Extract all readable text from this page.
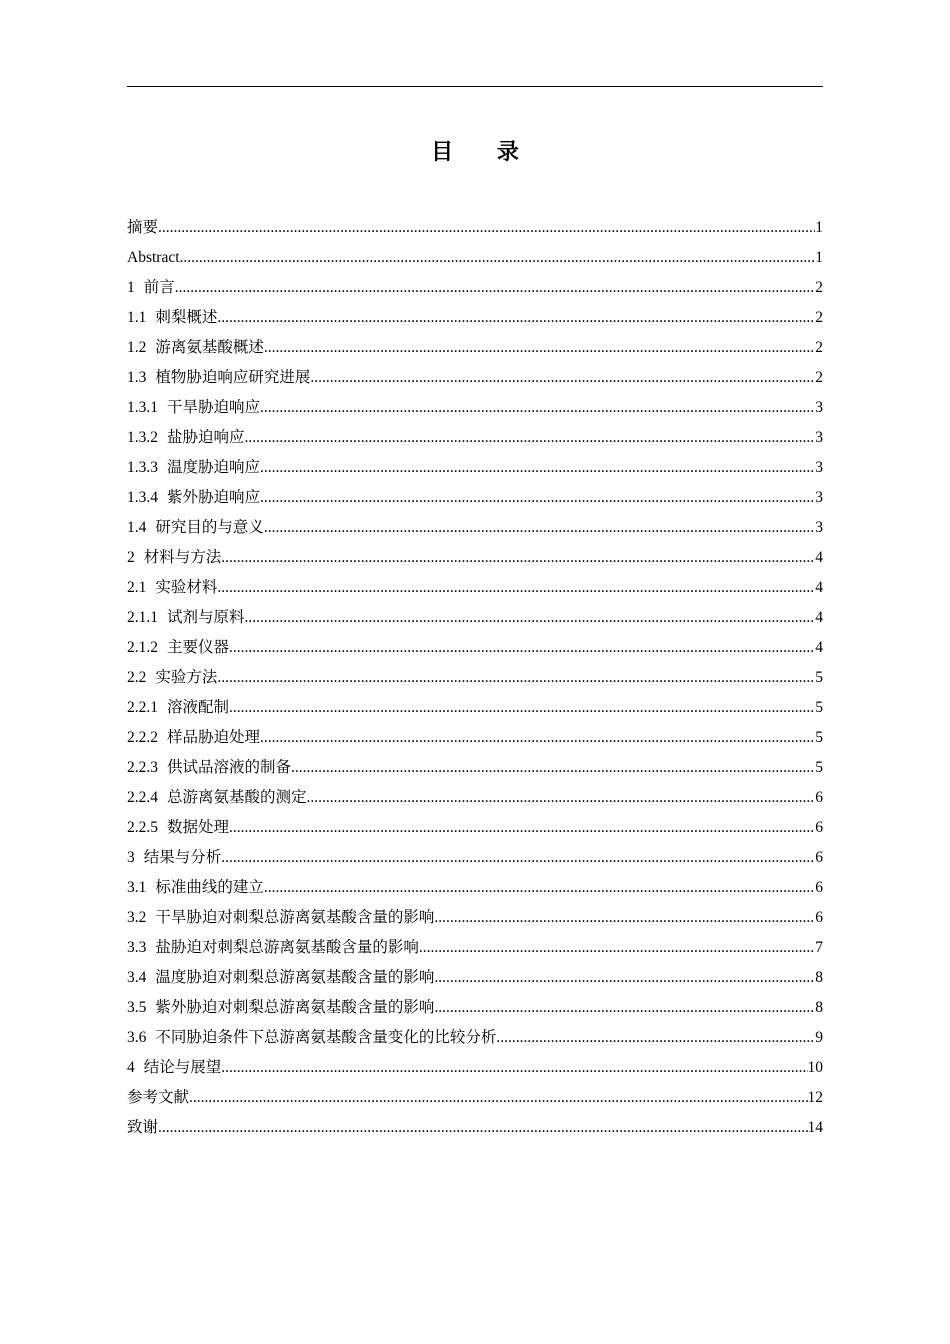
目 录
摘要 .....	1
Abstract .....	1
1 前言 .....	2
1.1 刺梨概述 .....	2
1.2 游离氨基酸概述 .....	2
1.3 植物胁迫响应研究进展 .....	2
1.3.1 干旱胁迫响应 .....	3
1.3.2 盐胁迫响应 .....	3
1.3.3 温度胁迫响应 .....	3
1.3.4 紫外胁迫响应 .....	3
1.4 研究目的与意义 .....	3
2 材料与方法 .....	4
2.1 实验材料 .....	4
2.1.1 试剂与原料 .....	4
2.1.2 主要仪器 .....	4
2.2 实验方法 .....	5
2.2.1 溶液配制 .....	5
2.2.2 样品胁迫处理 .....	5
2.2.3 供试品溶液的制备 .....	5
2.2.4 总游离氨基酸的测定 .....	6
2.2.5 数据处理 .....	6
3 结果与分析 .....	6
3.1 标准曲线的建立 .....	6
3.2 干旱胁迫对刺梨总游离氨基酸含量的影响 .....	6
3.3 盐胁迫对刺梨总游离氨基酸含量的影响 .....	7
3.4 温度胁迫对刺梨总游离氨基酸含量的影响 .....	8
3.5 紫外胁迫对刺梨总游离氨基酸含量的影响 .....	8
3.6 不同胁迫条件下总游离氨基酸含量变化的比较分析 .....	9
4 结论与展望 .....	10
参考文献 .....	12
致谢 .....	14
